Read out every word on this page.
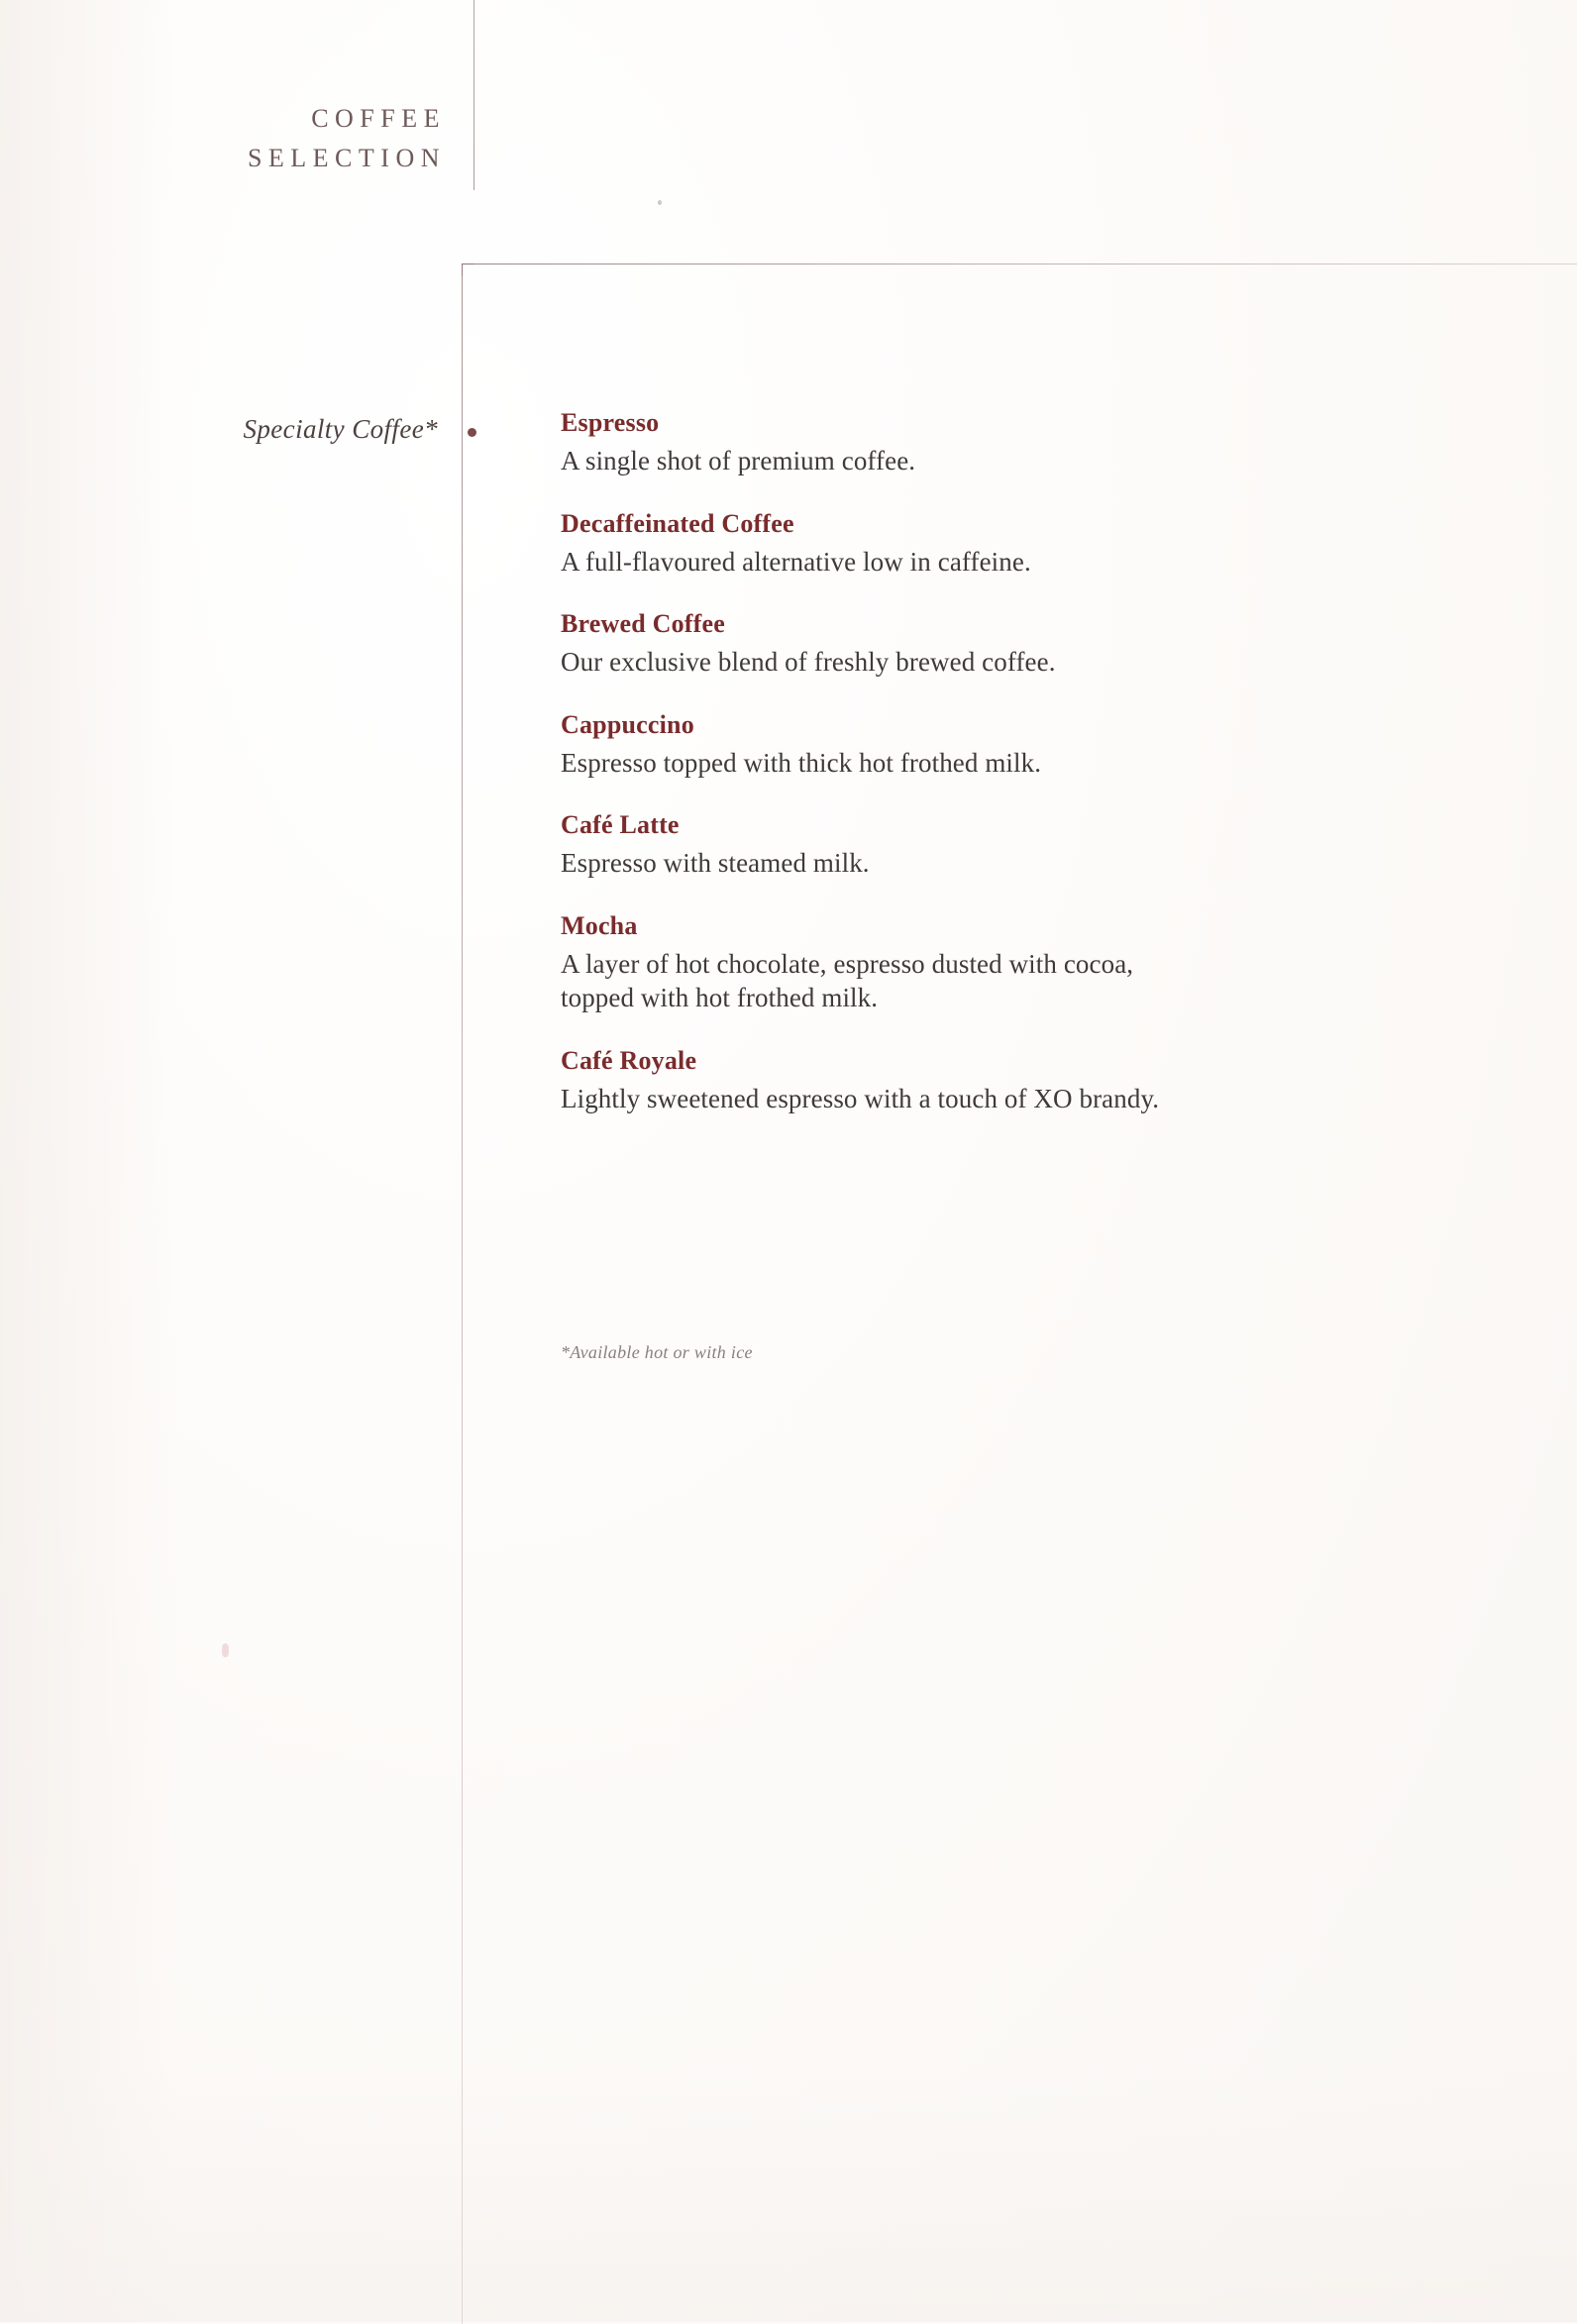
COFFEE
SELECTION
Specialty Coffee*	Espresso
A single shot of premium coffee.
Decaffeinated Coffee
A full-flavoured alternative low in caffeine.
Brewed Coffee
Our exclusive blend of freshly brewed coffee.
Cappuccino
Espresso topped with thick hot frothed milk.
Café Latte
Espresso with steamed milk.
Mocha
A layer of hot chocolate, espresso dusted with cocoa,
topped with hot frothed milk.
Café Royale
Lightly sweetened espresso with a touch of XO brandy.
*Available hot or with ice
